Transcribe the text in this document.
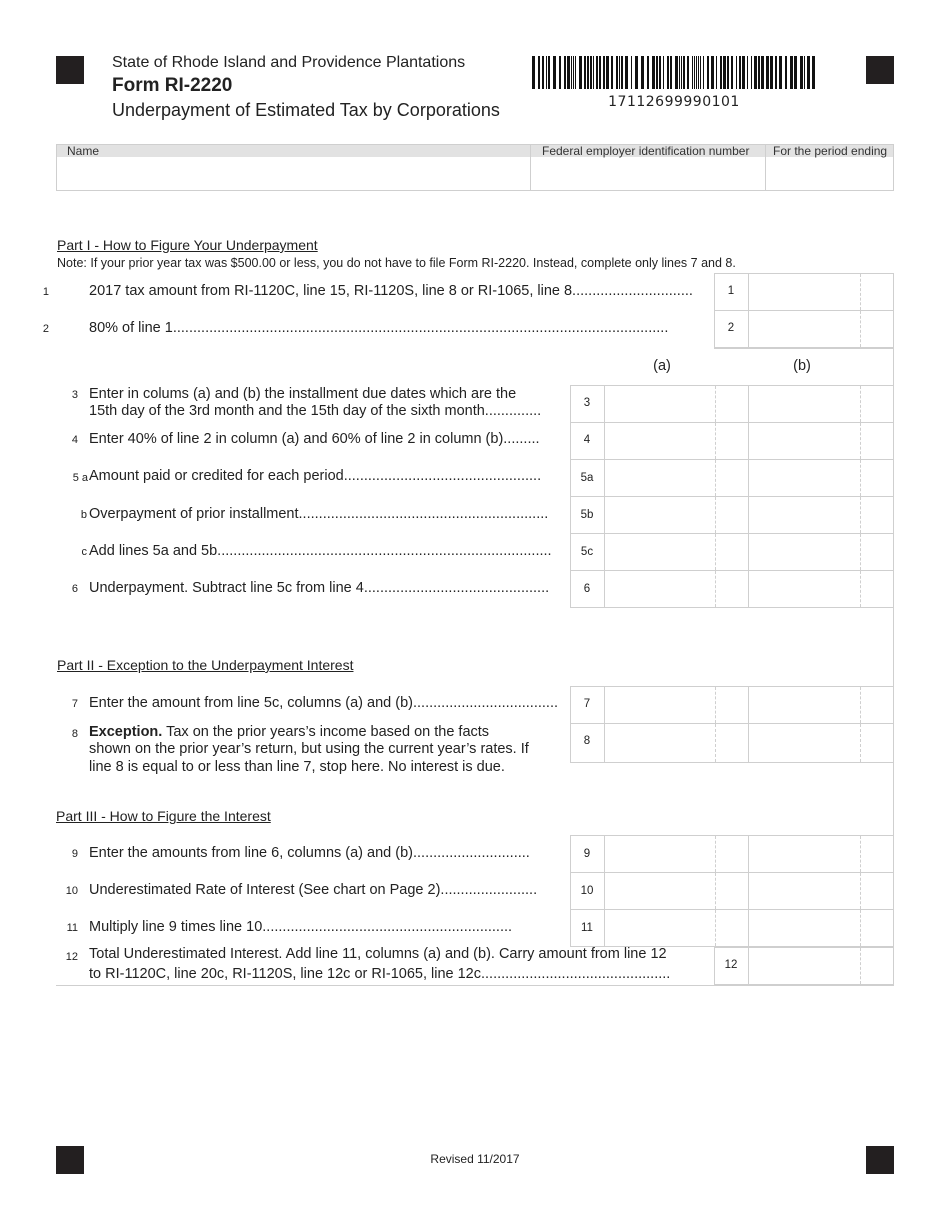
State of Rhode Island and Providence Plantations
Form RI-2220
Underpayment of Estimated Tax by Corporations	17112699990101
Name	Federal employer identification number For the period ending
Part I - How to Figure Your Underpayment
Note: If your prior year tax was $500.00 or less, you do not have to file Form RI-2220. Instead, complete only lines 7 and 8.
1	2017 tax amount from RI-1120C, line 15, RI-1120S, line 8 or RI-1065, line 8..............................	1
2	80% of line 1...........................................................................................................................	2
(a)	(b)
3 Enter in colums (a) and (b) the installment due dates which are the
15th day of the 3rd month and the 15th day of the sixth month..............	3
4 Enter 40% of line 2 in column (a) and 60% of line 2 in column (b).........	4
5 a Amount paid or credited for each period.................................................	5a
b Overpayment of prior installment..............................................................	5b
c Add lines 5a and 5b...................................................................................	5c
6 Underpayment. Subtract line 5c from line 4..............................................	6
Part II - Exception to the Underpayment Interest
7 Enter the amount from line 5c, columns (a) and (b)....................................	7
8 Exception. Tax on the prior years’s income based on the facts
shown on the prior year’s return, but using the current year’s rates. If
line 8 is equal to or less than line 7, stop here. No interest is due.
8
Part III - How to Figure the Interest
9 Enter the amounts from line 6, columns (a) and (b).............................	9
10 Underestimated Rate of Interest (See chart on Page 2)........................	10
11 Multiply line 9 times line 10..............................................................	11
12 Total Underestimated Interest. Add line 11, columns (a) and (b). Carry amount from line 12
to RI-1120C, line 20c, RI-1120S, line 12c or RI-1065, line 12c...............................................
12
Revised 11/2017
